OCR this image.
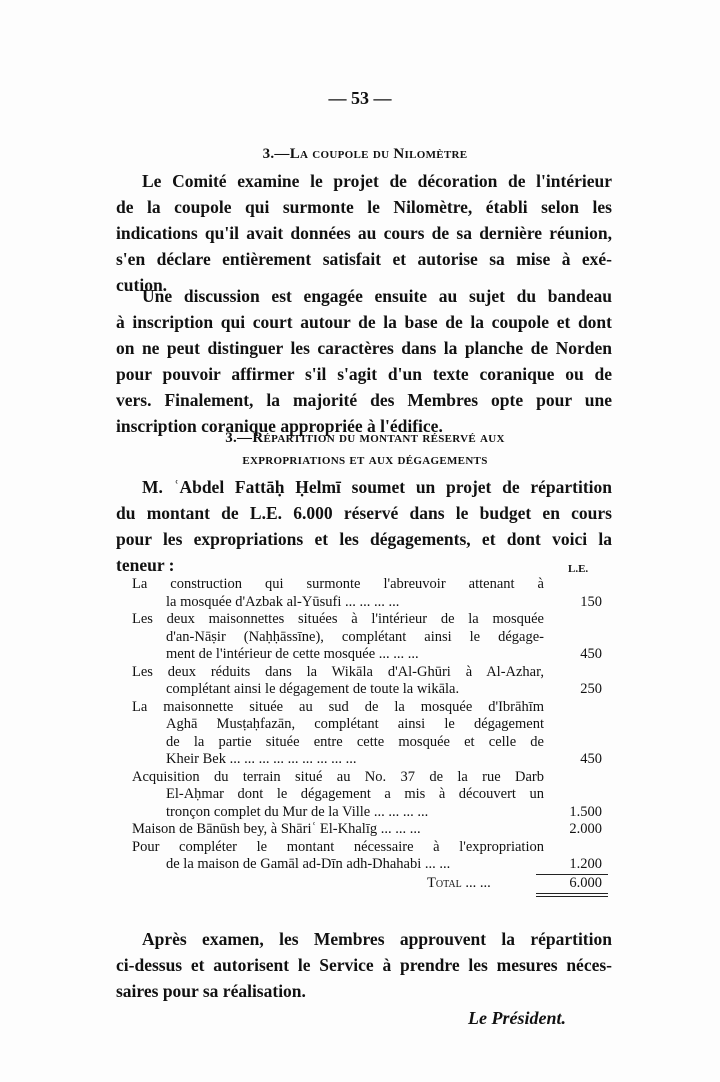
— 53 —
3.—La coupole du Nilomètre
Le Comité examine le projet de décoration de l'intérieur
de la coupole qui surmonte le Nilomètre, établi selon les
indications qu'il avait données au cours de sa dernière réunion,
s'en déclare entièrement satisfait et autorise sa mise à exé-
cution.
Une discussion est engagée ensuite au sujet du bandeau
à inscription qui court autour de la base de la coupole et dont
on ne peut distinguer les caractères dans la planche de Norden
pour pouvoir affirmer s'il s'agit d'un texte coranique ou de
vers. Finalement, la majorité des Membres opte pour une
inscription coranique appropriée à l'édifice.
3.—Répartition du montant réservé aux
expropriations et aux dégagements
M. ʿAbdel Fattāḥ Ḥelmī soumet un projet de répartition
du montant de L.E. 6.000 réservé dans le budget en cours
pour les expropriations et les dégagements, et dont voici la
teneur :	L.E.
La construction qui surmonte l'abreuvoir attenant à
la mosquée d'Azbak al-Yūsufi ... ... ... ...	150
Les deux maisonnettes situées à l'intérieur de la mosquée
d'an-Nāṣir (Naḥḥāssīne), complétant ainsi le dégage-
ment de l'intérieur de cette mosquée ... ... ...	450
Les deux réduits dans la Wikāla d'Al-Ghūri à Al-Azhar,
complétant ainsi le dégagement de toute la wikāla.	250
La maisonnette située au sud de la mosquée d'Ibrāhīm
Aghā Musṭaḥfazān, complétant ainsi le dégagement
de la partie située entre cette mosquée et celle de
Kheir Bek ... ... ... ... ... ... ... ... ...	450
Acquisition du terrain situé au No. 37 de la rue Darb
El-Aḥmar dont le dégagement a mis à découvert un
tronçon complet du Mur de la Ville ... ... ... ...	1.500
Maison de Bānūsh bey, à Shāriʿ El-Khalīg ... ... ...	2.000
Pour compléter le montant nécessaire à l'expropriation
de la maison de Gamāl ad-Dīn adh-Dhahabi ... ...	1.200
Total ... ...	6.000
Après examen, les Membres approuvent la répartition
ci-dessus et autorisent le Service à prendre les mesures néces-
saires pour sa réalisation.
Le Président.
